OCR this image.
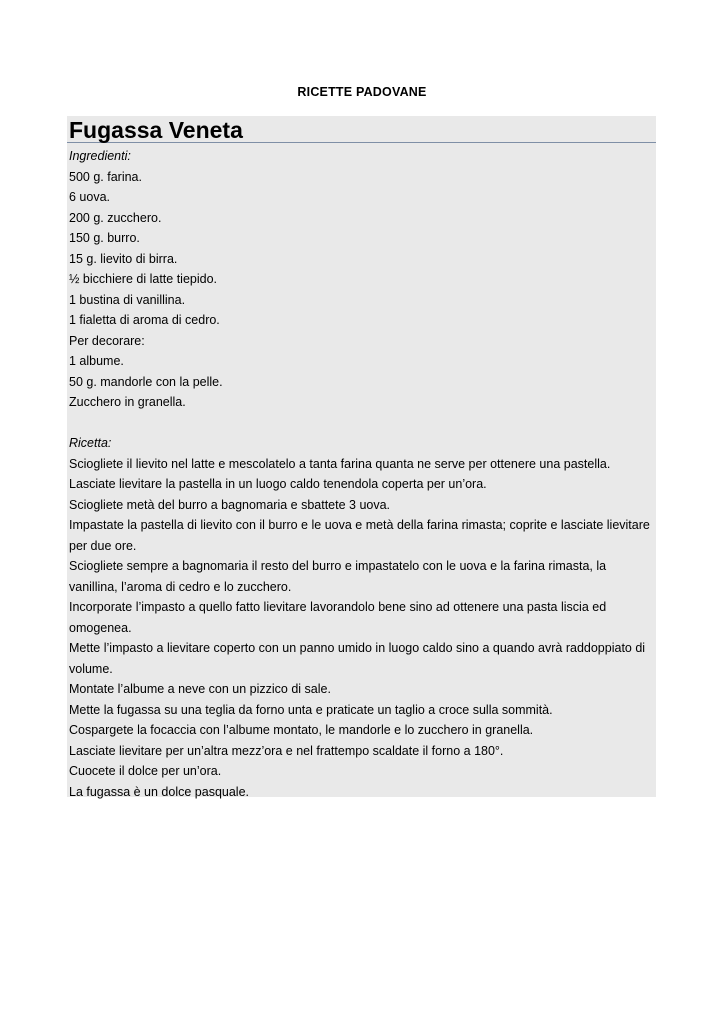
RICETTE PADOVANE
Fugassa Veneta
Ingredienti:
500 g. farina.
6 uova.
200 g. zucchero.
150 g. burro.
15 g. lievito di birra.
½ bicchiere di latte tiepido.
1 bustina di vanillina.
1 fialetta di aroma di cedro.
Per decorare:
1 albume.
50 g. mandorle con la pelle.
Zucchero in granella.
Ricetta:
Sciogliete il lievito nel latte e mescolatelo a tanta farina quanta ne serve per ottenere una pastella.
Lasciate lievitare la pastella in un luogo caldo tenendola coperta per un’ora.
Sciogliete metà del burro a bagnomaria e sbattete 3 uova.
Impastate la pastella di lievito con il burro e le uova e metà della farina rimasta; coprite e lasciate lievitare per due ore.
Sciogliete sempre a bagnomaria il resto del burro e impastatelo con le uova e la farina rimasta, la vanillina, l’aroma di cedro e lo zucchero.
Incorporate l’impasto a quello fatto lievitare lavorandolo bene sino ad ottenere una pasta liscia ed omogenea.
Mette l’impasto a lievitare coperto con un panno umido in luogo caldo sino a quando avrà raddoppiato di volume.
Montate l’albume a neve con un pizzico di sale.
Mette la fugassa su una teglia da forno unta e praticate un taglio a croce sulla sommità.
Cospargete la focaccia con l’albume montato, le mandorle e lo zucchero in granella.
Lasciate lievitare per un’altra mezz’ora e nel frattempo scaldate il forno a 180°.
Cuocete il dolce per un’ora.
La fugassa è un dolce pasquale.
